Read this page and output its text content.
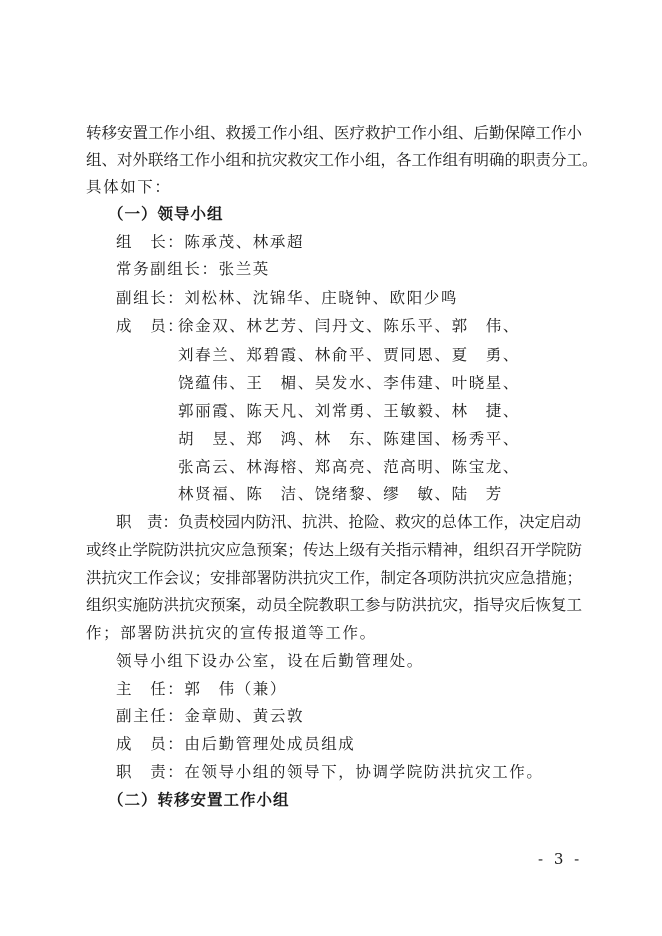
转移安置工作小组、救援工作小组、医疗救护工作小组、后勤保障工作小
组、对外联络工作小组和抗灾救灾工作小组，各工作组有明确的职责分工。
具体如下：
（一）领导小组
组　长：陈承茂、林承超
常务副组长：张兰英
副组长：刘松林、沈锦华、庄晓钟、欧阳少鸣
成　员：
徐金双、林艺芳、闫丹文、陈乐平、郭　伟、
刘春兰、郑碧霞、林俞平、贾同恩、夏　勇、
饶蕴伟、王　楣、吴发水、李伟建、叶晓星、
郭丽霞、陈天凡、刘常勇、王敏毅、林　捷、
胡　昱、郑　鸿、林　东、陈建国、杨秀平、
张高云、林海榕、郑高亮、范高明、陈宝龙、
林贤福、陈　洁、饶绪黎、缪　敏、陆　芳
职　责：负责校园内防汛、抗洪、抢险、救灾的总体工作，决定启动
或终止学院防洪抗灾应急预案；传达上级有关指示精神，组织召开学院防
洪抗灾工作会议；安排部署防洪抗灾工作，制定各项防洪抗灾应急措施；
组织实施防洪抗灾预案，动员全院教职工参与防洪抗灾，指导灾后恢复工
作；部署防洪抗灾的宣传报道等工作。
领导小组下设办公室，设在后勤管理处。
主　任：郭　伟（兼）
副主任：金章勋、黄云敦
成　员：由后勤管理处成员组成
职　责：在领导小组的领导下，协调学院防洪抗灾工作。
（二）转移安置工作小组
- 3 -
